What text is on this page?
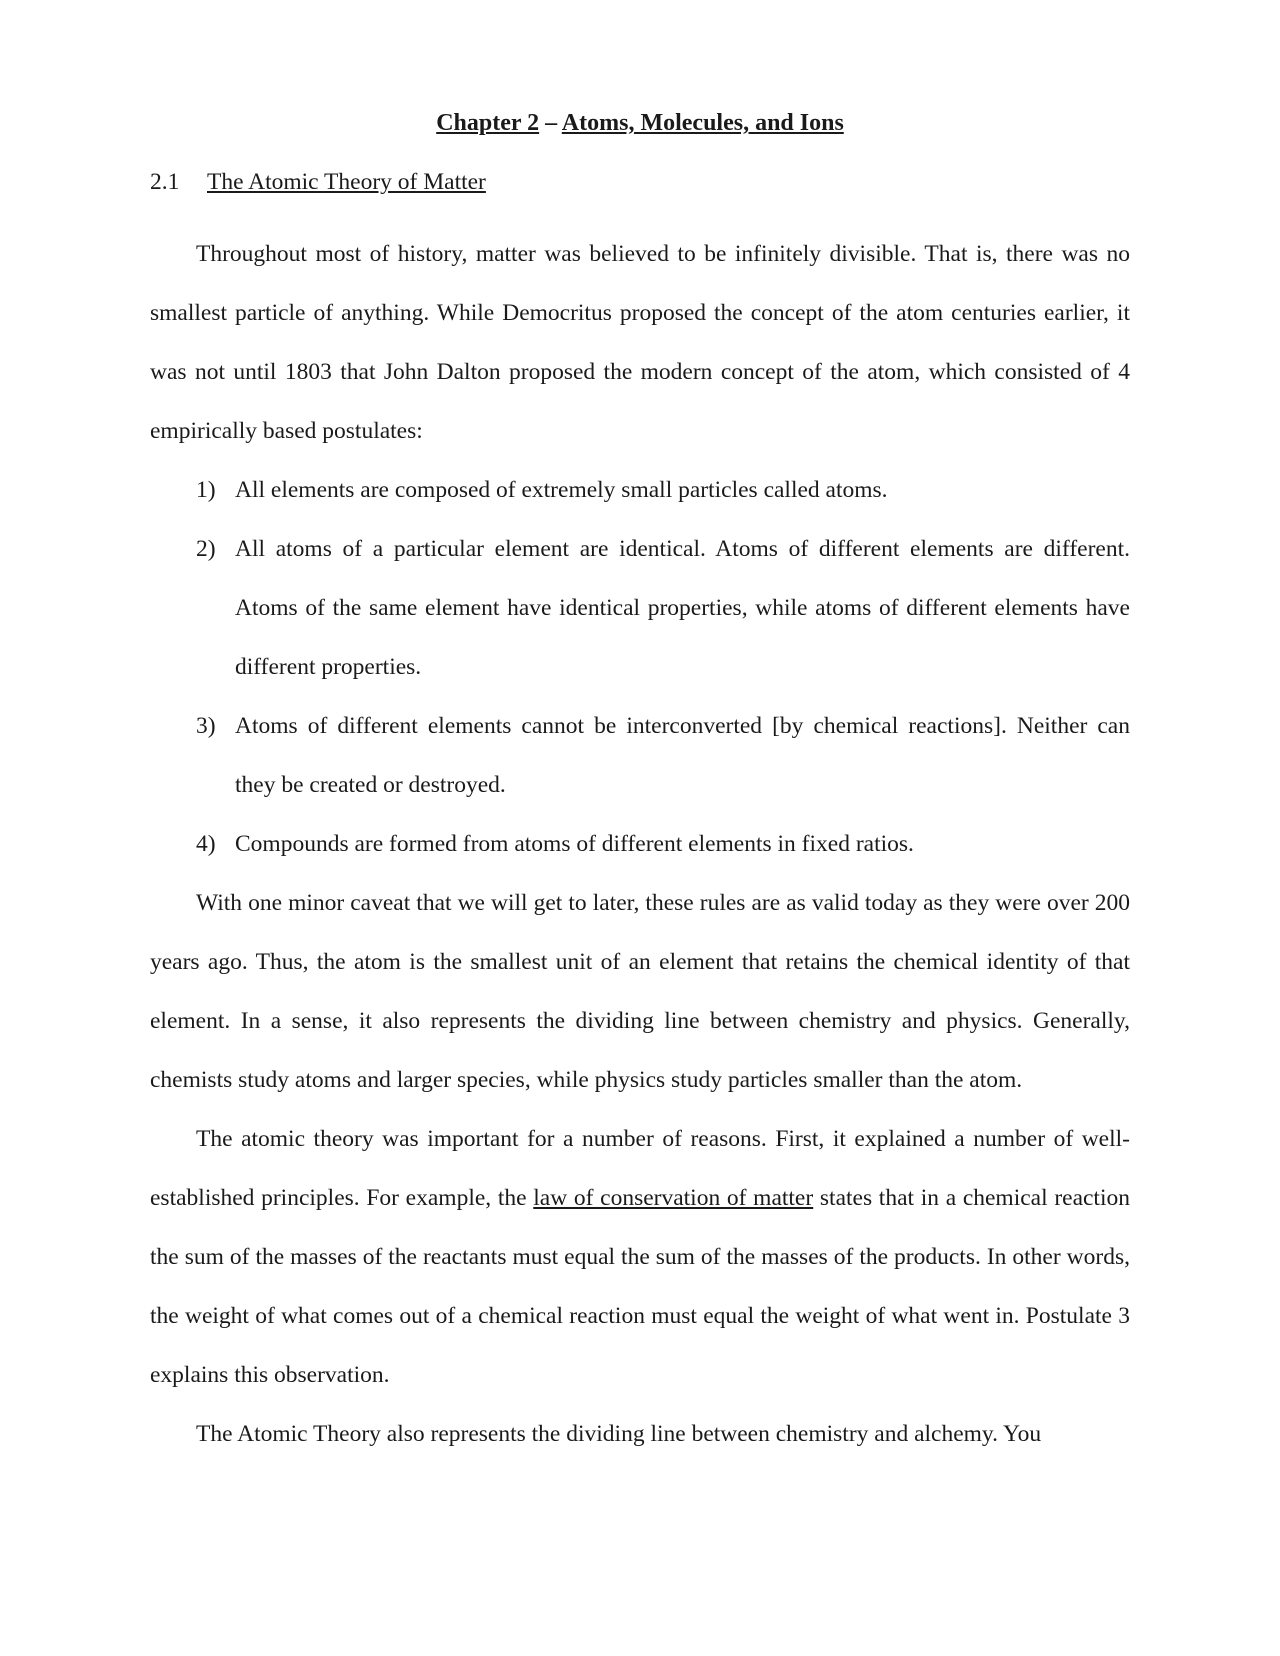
Chapter 2 – Atoms, Molecules, and Ions
2.1 The Atomic Theory of Matter

Throughout most of history, matter was believed to be infinitely divisible. That is, there was no smallest particle of anything. While Democritus proposed the concept of the atom centuries earlier, it was not until 1803 that John Dalton proposed the modern concept of the atom, which consisted of 4 empirically based postulates:

1) All elements are composed of extremely small particles called atoms.
2) All atoms of a particular element are identical. Atoms of different elements are different. Atoms of the same element have identical properties, while atoms of different elements have different properties.
3) Atoms of different elements cannot be interconverted [by chemical reactions]. Neither can they be created or destroyed.
4) Compounds are formed from atoms of different elements in fixed ratios.

With one minor caveat that we will get to later, these rules are as valid today as they were over 200 years ago. Thus, the atom is the smallest unit of an element that retains the chemical identity of that element. In a sense, it also represents the dividing line between chemistry and physics. Generally, chemists study atoms and larger species, while physics study particles smaller than the atom.

The atomic theory was important for a number of reasons. First, it explained a number of well-established principles. For example, the law of conservation of matter states that in a chemical reaction the sum of the masses of the reactants must equal the sum of the masses of the products. In other words, the weight of what comes out of a chemical reaction must equal the weight of what went in. Postulate 3 explains this observation.

The Atomic Theory also represents the dividing line between chemistry and alchemy. You
